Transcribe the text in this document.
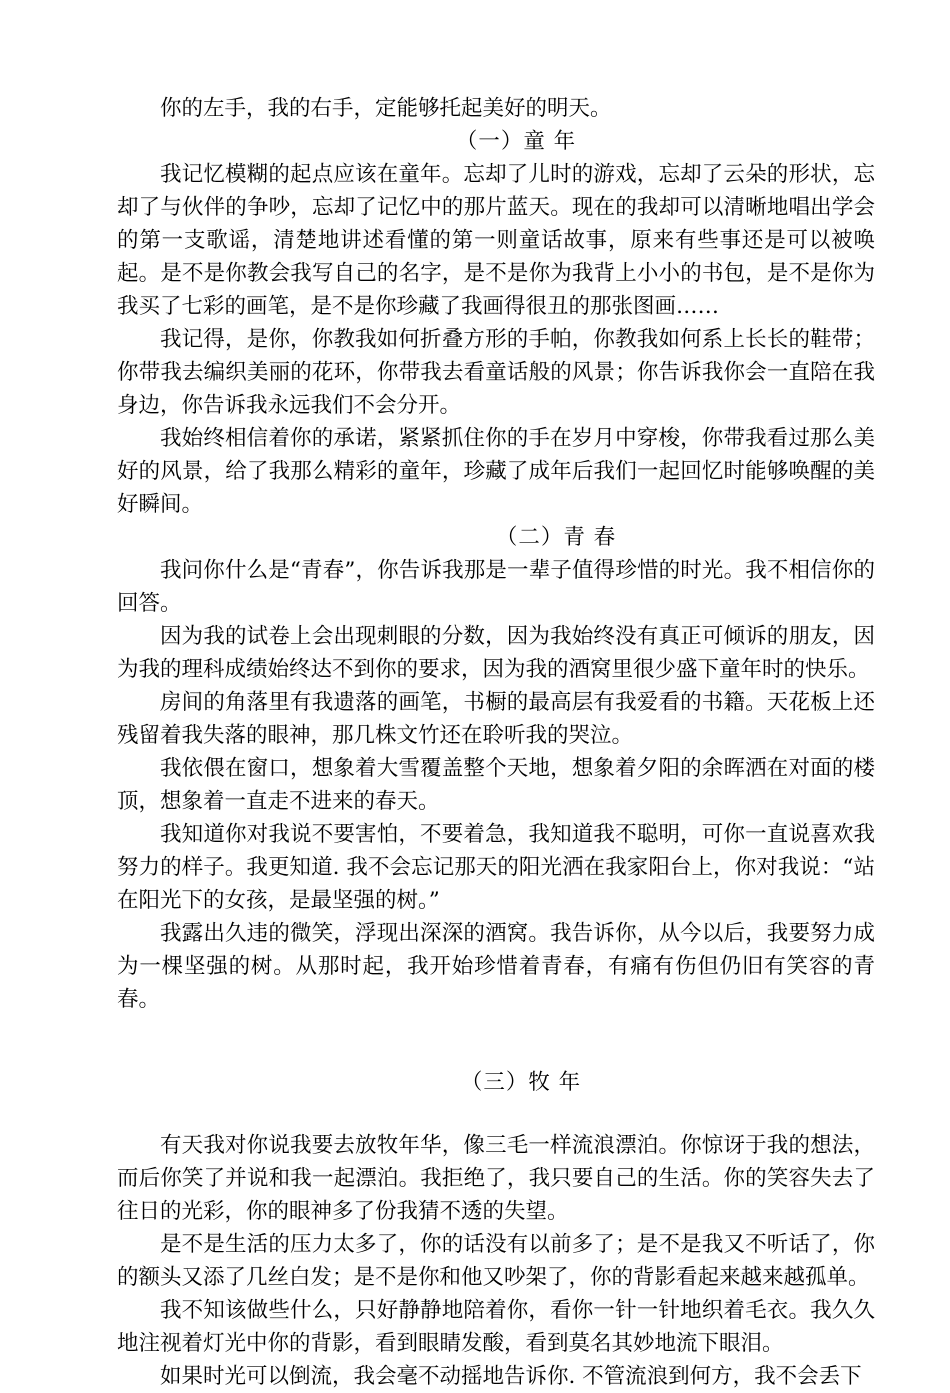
你的左手，我的右手，定能够托起美好的明天。

（一）童 年

我记忆模糊的起点应该在童年。忘却了儿时的游戏，忘却了云朵的形状，忘却了与伙伴的争吵，忘却了记忆中的那片蓝天。现在的我却可以清晰地唱出学会的第一支歌谣，清楚地讲述看懂的第一则童话故事，原来有些事还是可以被唤起。是不是你教会我写自己的名字，是不是你为我背上小小的书包，是不是你为我买了七彩的画笔，是不是你珍藏了我画得很丑的那张图画……

我记得，是你，你教我如何折叠方形的手帕，你教我如何系上长长的鞋带；你带我去编织美丽的花环，你带我去看童话般的风景；你告诉我你会一直陪在我身边，你告诉我永远我们不会分开。

我始终相信着你的承诺，紧紧抓住你的手在岁月中穿梭，你带我看过那么美好的风景，给了我那么精彩的童年，珍藏了成年后我们一起回忆时能够唤醒的美好瞬间。

（二）青 春

我问你什么是“青春”，你告诉我那是一辈子值得珍惜的时光。我不相信你的回答。

因为我的试卷上会出现刺眼的分数，因为我始终没有真正可倾诉的朋友，因为我的理科成绩始终达不到你的要求，因为我的酒窝里很少盛下童年时的快乐。

房间的角落里有我遗落的画笔，书橱的最高层有我爱看的书籍。天花板上还残留着我失落的眼神，那几株文竹还在聆听我的哭泣。

我依偎在窗口，想象着大雪覆盖整个天地，想象着夕阳的余晖洒在对面的楼顶，想象着一直走不进来的春天。

我知道你对我说不要害怕，不要着急，我知道我不聪明，可你一直说喜欢我努力的样子。我更知道. 我不会忘记那天的阳光洒在我家阳台上，你对我说：“站在阳光下的女孩，是最坚强的树。”

我露出久违的微笑，浮现出深深的酒窝。我告诉你，从今以后，我要努力成为一棵坚强的树。从那时起，我开始珍惜着青春，有痛有伤但仍旧有笑容的青春。

（三）牧 年

有天我对你说我要去放牧年华，像三毛一样流浪漂泊。你惊讶于我的想法，而后你笑了并说和我一起漂泊。我拒绝了，我只要自己的生活。你的笑容失去了往日的光彩，你的眼神多了份我猜不透的失望。

是不是生活的压力太多了，你的话没有以前多了；是不是我又不听话了，你的额头又添了几丝白发；是不是你和他又吵架了，你的背影看起来越来越孤单。

我不知该做些什么，只好静静地陪着你，看你一针一针地织着毛衣。我久久地注视着灯光中你的背影，看到眼睛发酸，看到莫名其妙地流下眼泪。

如果时光可以倒流，我会毫不动摇地告诉你. 不管流浪到何方，我不会丢下
